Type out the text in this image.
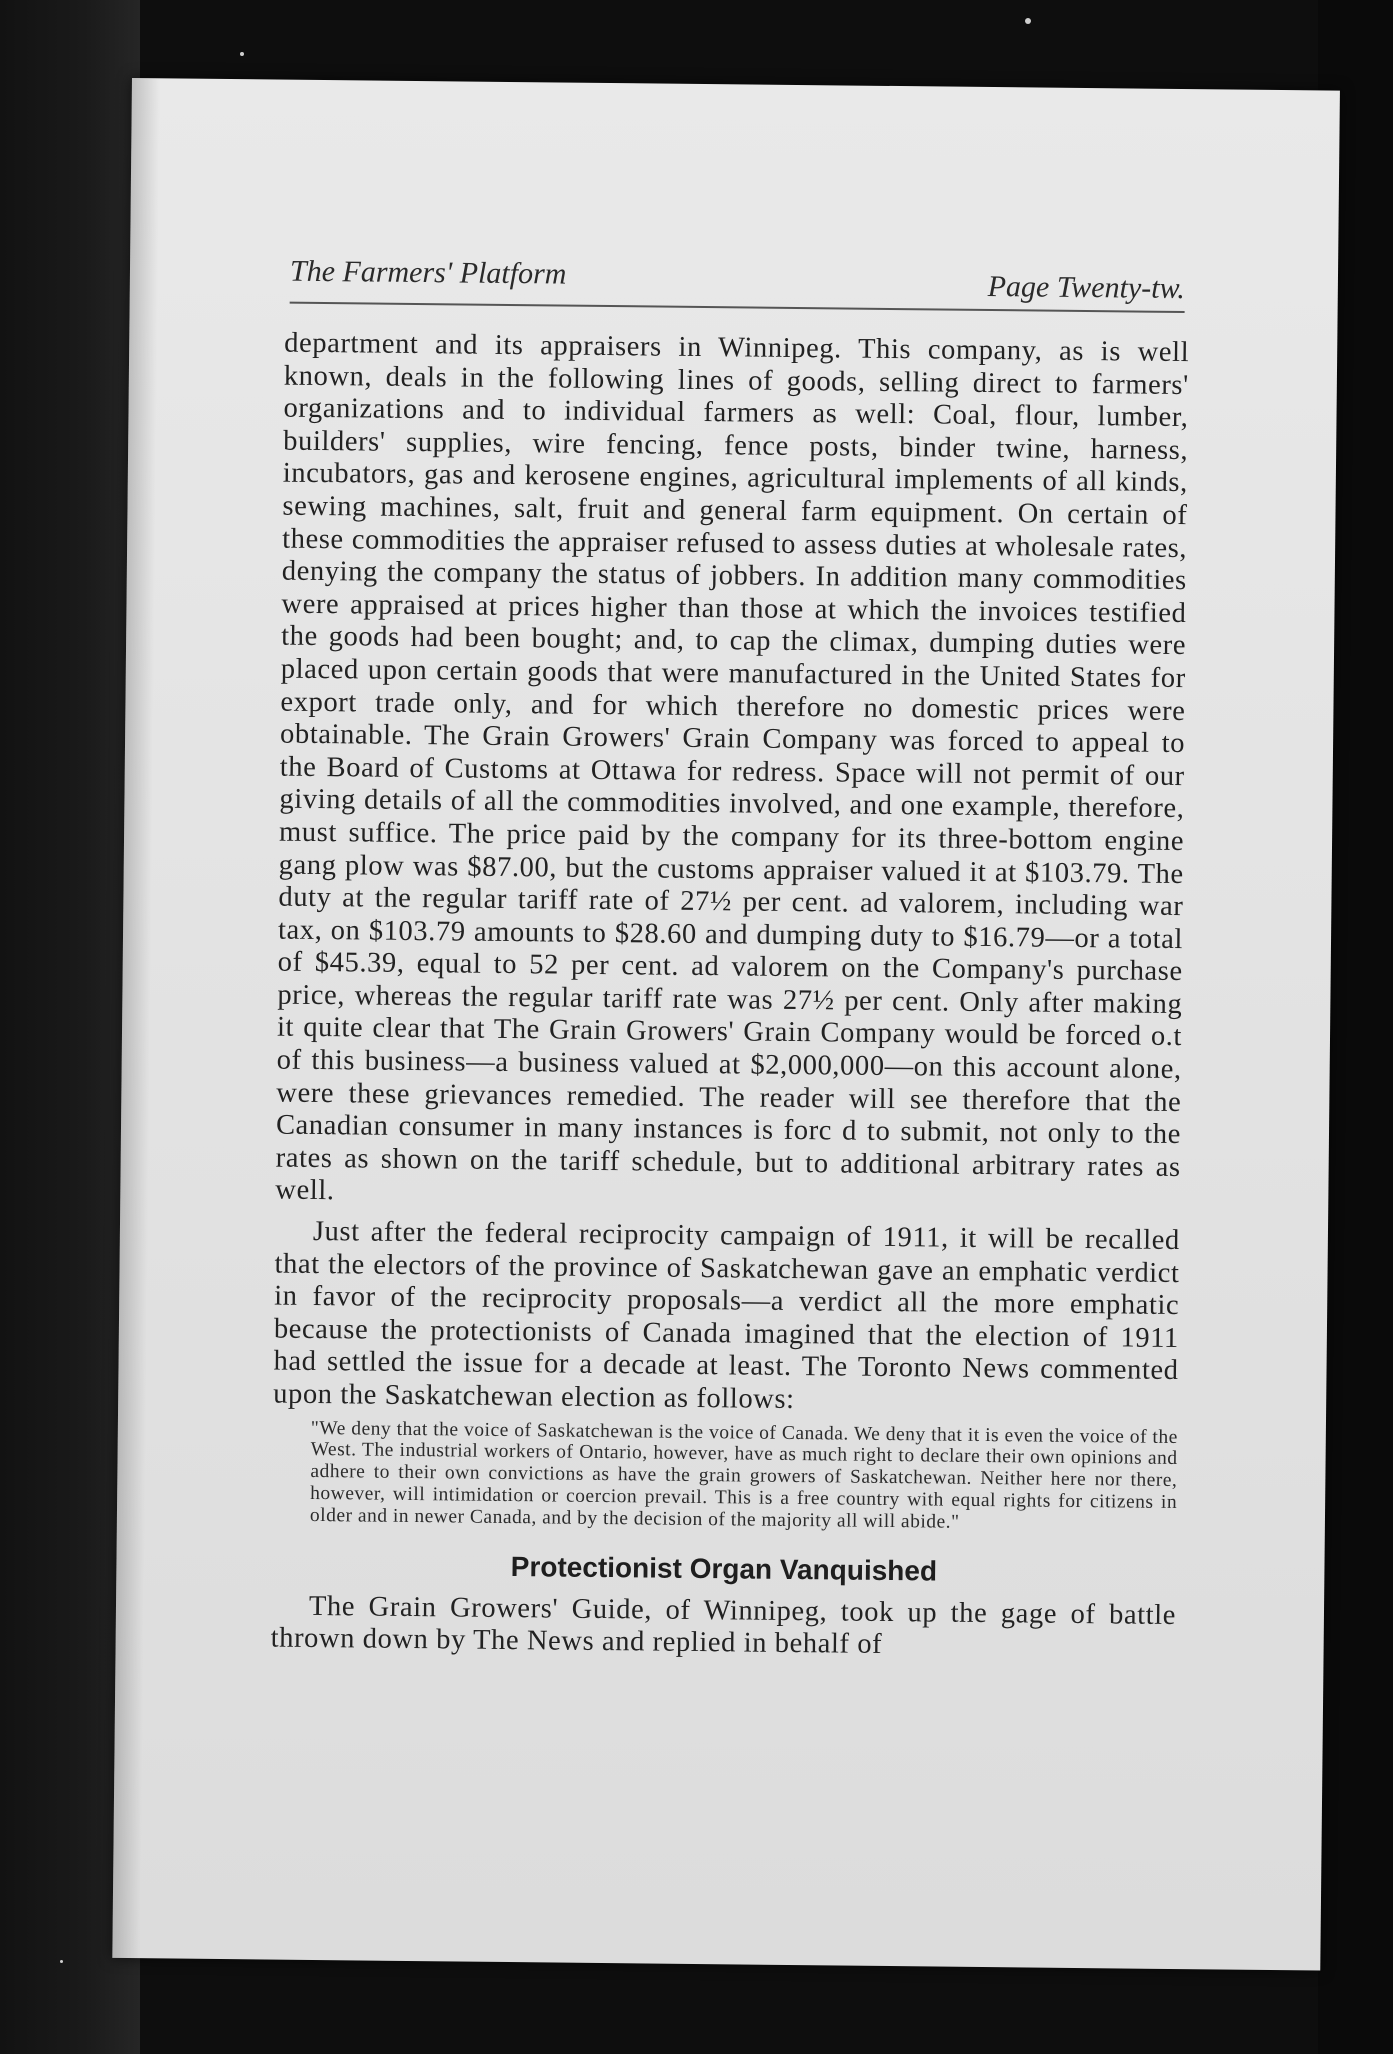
The Farmers' Platform	Page Twenty-tw.

department and its appraisers in Winnipeg. This company, as is well known, deals in the following lines of goods, selling direct to farmers' organizations and to individual farmers as well: Coal, flour, lumber, builders' supplies, wire fencing, fence posts, binder twine, harness, incubators, gas and kerosene engines, agricultural implements of all kinds, sewing machines, salt, fruit and general farm equipment. On certain of these commodities the appraiser refused to assess duties at wholesale rates, denying the company the status of jobbers. In addition many commodities were appraised at prices higher than those at which the invoices testified the goods had been bought; and, to cap the climax, dumping duties were placed upon certain goods that were manufactured in the United States for export trade only, and for which therefore no domestic prices were obtainable. The Grain Growers' Grain Company was forced to appeal to the Board of Customs at Ottawa for redress. Space will not permit of our giving details of all the commodities involved, and one example, therefore, must suffice. The price paid by the company for its three-bottom engine gang plow was $87.00, but the customs appraiser valued it at $103.79. The duty at the regular tariff rate of 27½ per cent. ad valorem, including war tax, on $103.79 amounts to $28.60 and dumping duty to $16.79—or a total of $45.39, equal to 52 per cent. ad valorem on the Company's purchase price, whereas the regular tariff rate was 27½ per cent. Only after making it quite clear that The Grain Growers' Grain Company would be forced o.t of this business—a business valued at $2,000,000—on this account alone, were these grievances remedied. The reader will see therefore that the Canadian consumer in many instances is forc d to submit, not only to the rates as shown on the tariff schedule, but to additional arbitrary rates as well.

Just after the federal reciprocity campaign of 1911, it will be recalled that the electors of the province of Saskatchewan gave an emphatic verdict in favor of the reciprocity proposals—a verdict all the more emphatic because the protectionists of Canada imagined that the election of 1911 had settled the issue for a decade at least. The Toronto News commented upon the Saskatchewan election as follows:

"We deny that the voice of Saskatchewan is the voice of Canada. We deny that it is even the voice of the West. The industrial workers of Ontario, however, have as much right to declare their own opinions and adhere to their own convictions as have the grain growers of Saskatchewan. Neither here nor there, however, will intimidation or coercion prevail. This is a free country with equal rights for citizens in older and in newer Canada, and by the decision of the majority all will abide."

Protectionist Organ Vanquished

The Grain Growers' Guide, of Winnipeg, took up the gage of battle thrown down by The News and replied in behalf of
